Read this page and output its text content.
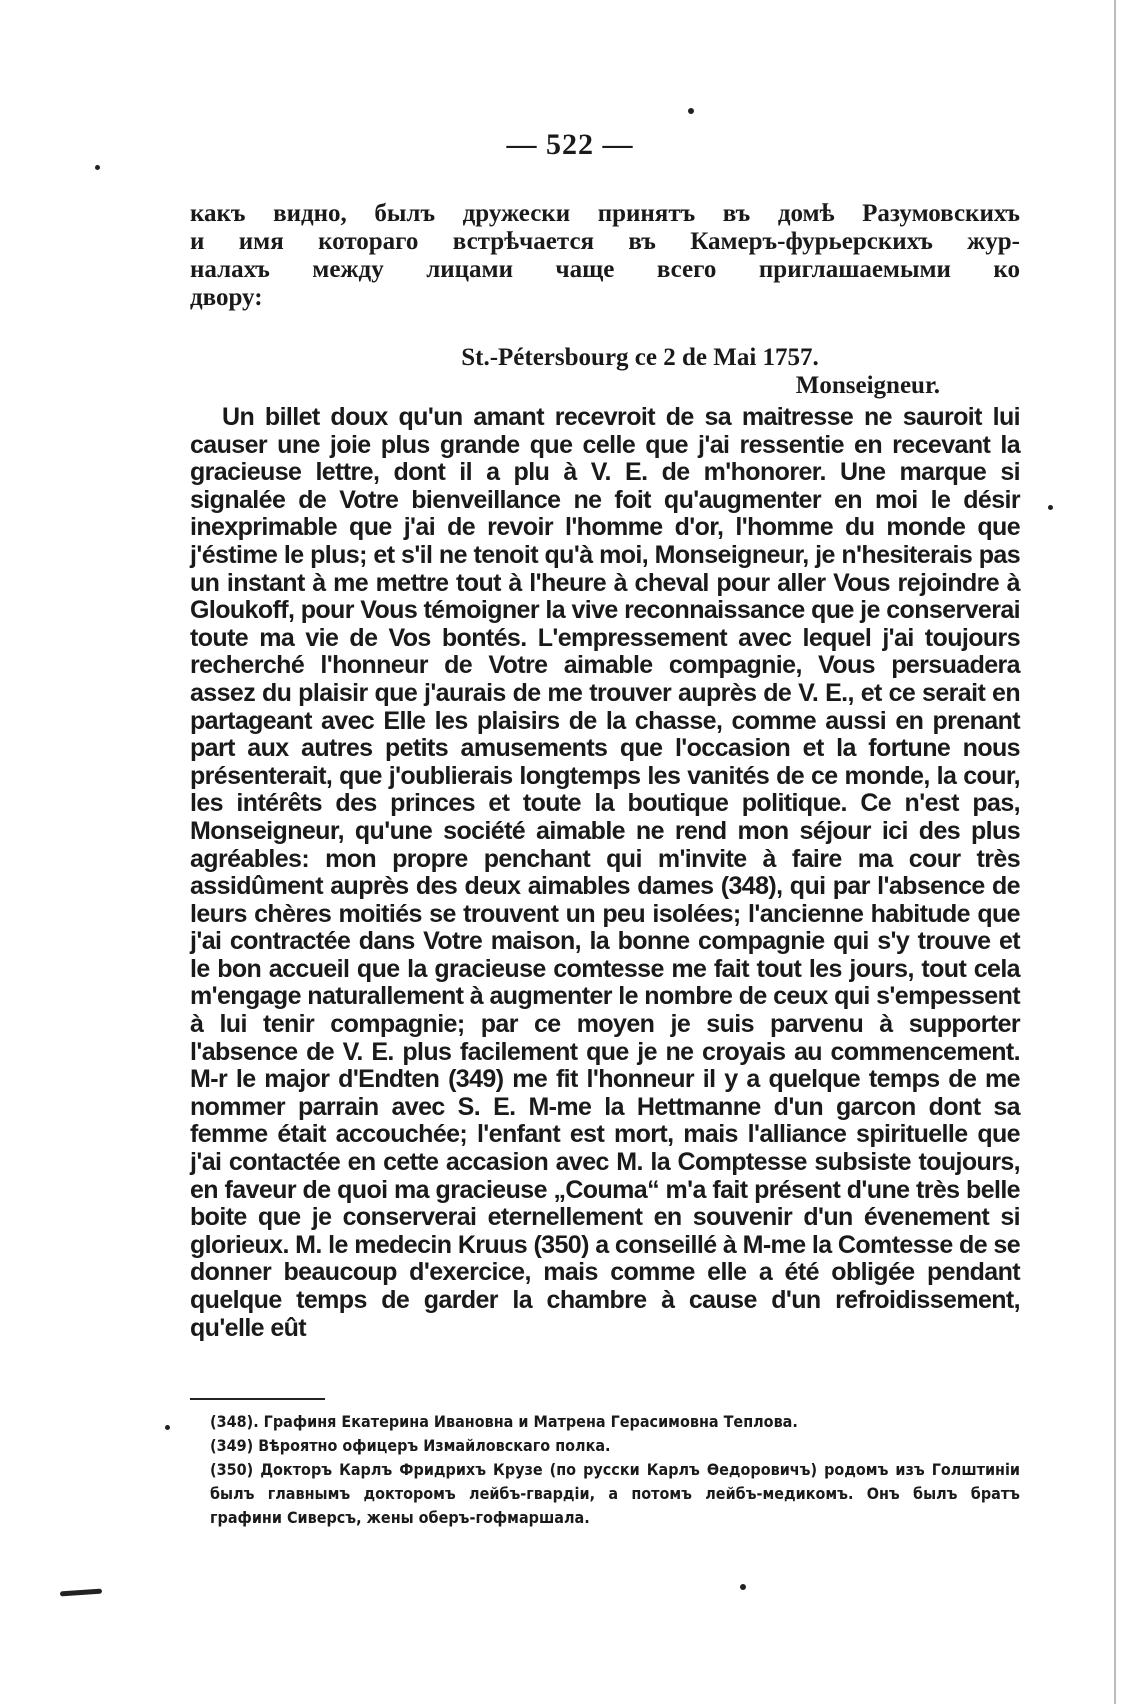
— 522 —
какъ видно, былъ дружески принятъ въ домѣ Разумовскихъ
и имя котораго встрѣчается въ Камеръ-фурьерскихъ жур-
налахъ между лицами чаще всего приглашаемыми ко
двору:
St.-Pétersbourg ce 2 de Mai 1757.
Monseigneur.
Un billet doux qu'un amant recevroit de sa maitresse ne sauroit lui causer une joie plus grande que celle que j'ai ressentie en recevant la gracieuse lettre, dont il a plu à V. E. de m'honorer. Une marque si signalée de Votre bienveillance ne foit qu'augmenter en moi le désir inexprimable que j'ai de revoir l'homme d'or, l'homme du monde que j'éstime le plus; et s'il ne tenoit qu'à moi, Monseigneur, je n'hesiterais pas un instant à me mettre tout à l'heure à cheval pour aller Vous rejoindre à Gloukoff, pour Vous témoigner la vive reconnaissance que je conserverai toute ma vie de Vos bontés. L'empressement avec lequel j'ai toujours recherché l'honneur de Votre aimable compagnie, Vous persuadera assez du plaisir que j'aurais de me trouver auprès de V. E., et ce serait en partageant avec Elle les plaisirs de la chasse, comme aussi en prenant part aux autres petits amusements que l'occasion et la fortune nous présenterait, que j'oublierais longtemps les vanités de ce monde, la cour, les intérêts des princes et toute la boutique politique. Ce n'est pas, Monseigneur, qu'une société aimable ne rend mon séjour ici des plus agréables: mon propre penchant qui m'invite à faire ma cour très assidûment auprès des deux aimables dames (348), qui par l'absence de leurs chères moitiés se trouvent un peu isolées; l'ancienne habitude que j'ai contractée dans Votre maison, la bonne compagnie qui s'y trouve et le bon accueil que la gracieuse comtesse me fait tout les jours, tout cela m'engage naturallement à augmenter le nombre de ceux qui s'empessent à lui tenir compagnie; par ce moyen je suis parvenu à supporter l'absence de V. E. plus facilement que je ne croyais au commencement. M-r le major d'Endten (349) me fit l'honneur il y a quelque temps de me nommer parrain avec S. E. M-me la Hettmanne d'un garcon dont sa femme était accouchée; l'enfant est mort, mais l'alliance spirituelle que j'ai contactée en cette accasion avec M. la Comptesse subsiste toujours, en faveur de quoi ma gracieuse „Couma“ m'a fait présent d'une très belle boite que je conserverai eternellement en souvenir d'un évenement si glorieux. M. le medecin Kruus (350) a conseillé à M-me la Comtesse de se donner beaucoup d'exercice, mais comme elle a été obligée pendant quelque temps de garder la chambre à cause d'un refroidissement, qu'elle eût
(348). Графиня Екатерина Ивановна и Матрена Герасимовна Теплова.
(349) Вѣроятно офицеръ Измайловскаго полка.
(350) Докторъ Карлъ Фридрихъ Крузе (по русски Карлъ Ѳедоровичъ) родомъ изъ Голштиніи былъ главнымъ докторомъ лейбъ-гвардіи, а потомъ лейбъ-медикомъ. Онъ былъ братъ графини Сиверсъ, жены оберъ-гофмаршала.
